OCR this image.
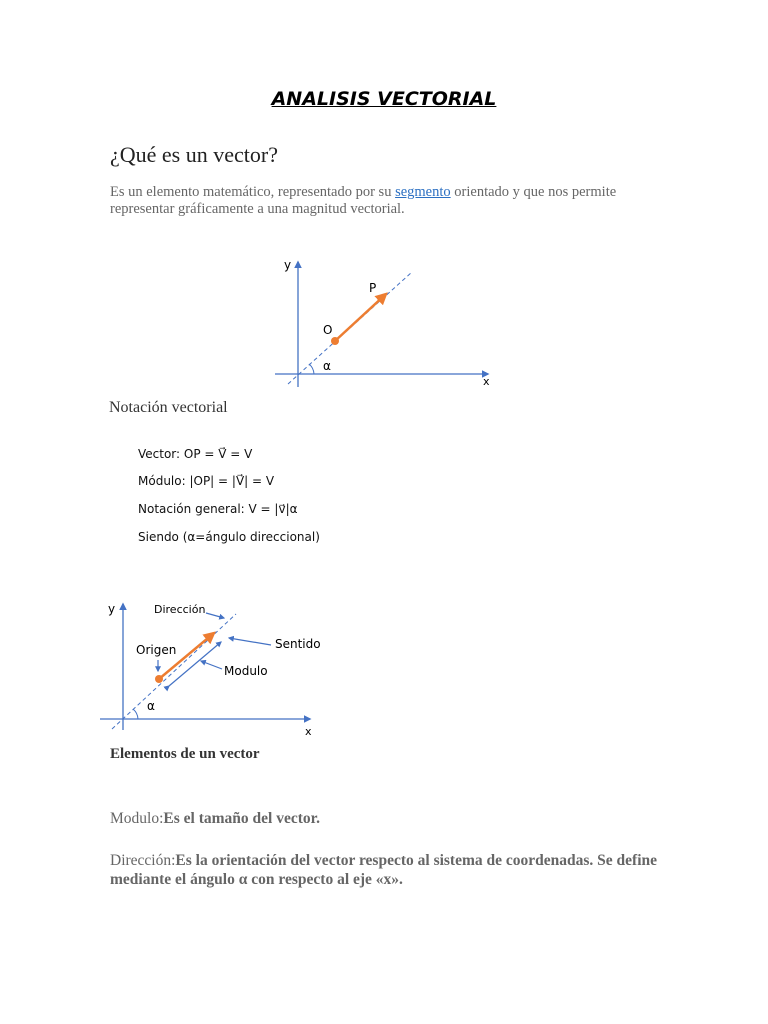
ANALISIS VECTORIAL
¿Qué es un vector?
Es un elemento matemático, representado por su segmento orientado y que nos permite representar gráficamente a una magnitud vectorial.
y
x
P
O
α
Notación vectorial
Vector: OP = V⃗ = V
Módulo: |OP| = |V⃗| = V
Notación general: V = |v⃗|α
Siendo (α=ángulo direccional)
y
x
Dirección
Origen	Sentido
Modulo
α
Elementos de un vector
Modulo:Es el tamaño del vector.
Dirección:Es la orientación del vector respecto al sistema de coordenadas. Se define mediante el ángulo α con respecto al eje «x».
